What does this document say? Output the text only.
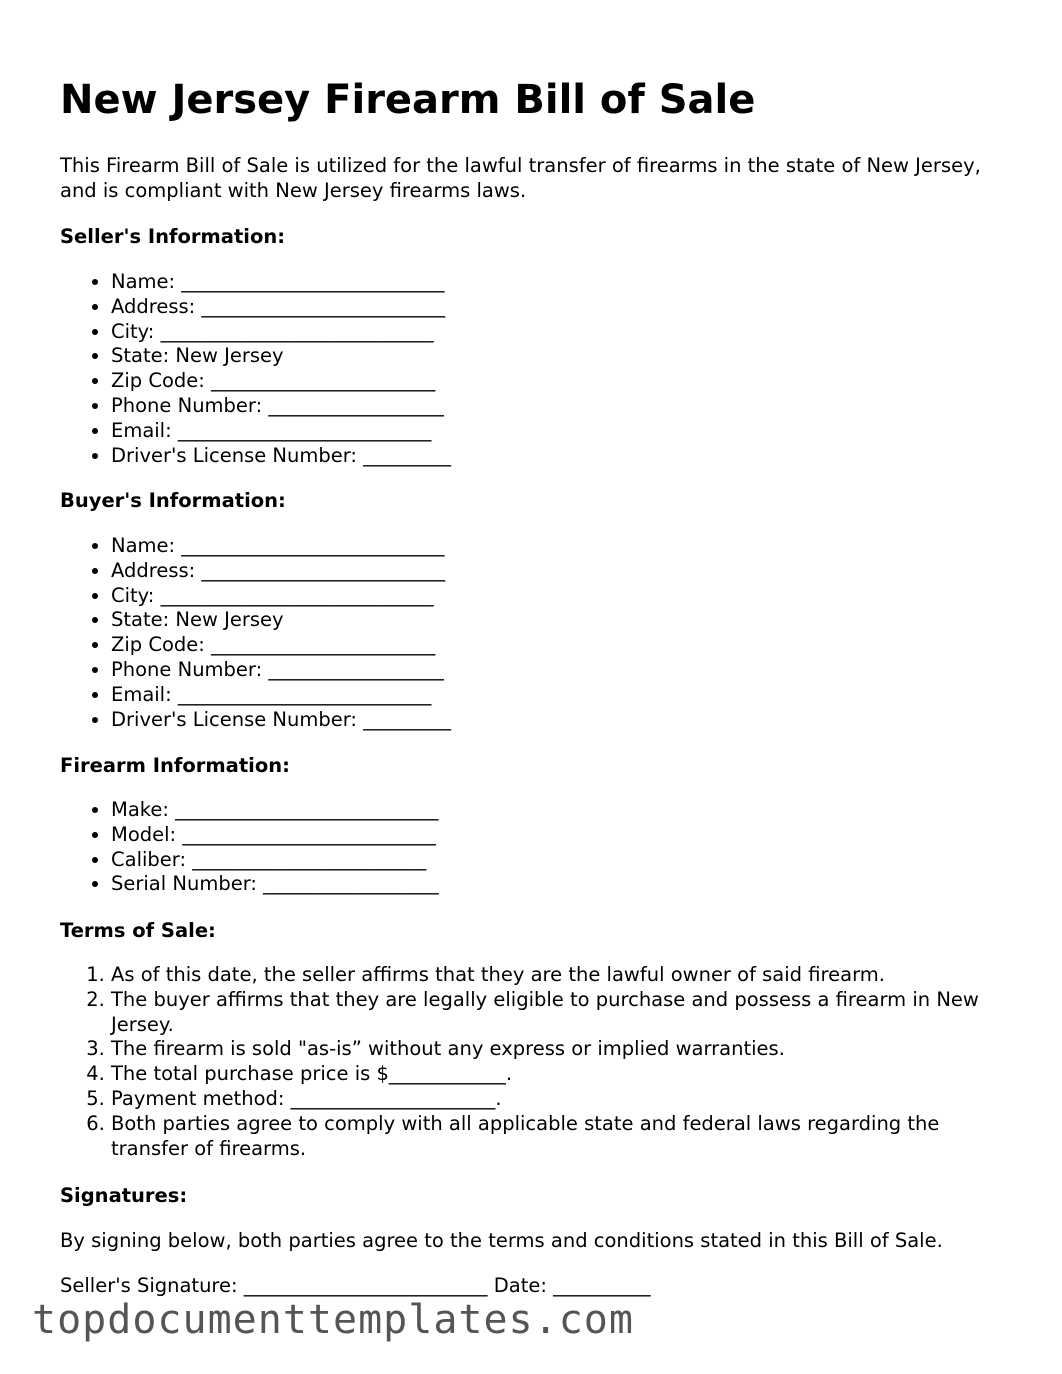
New Jersey Firearm Bill of Sale

This Firearm Bill of Sale is utilized for the lawful transfer of firearms in the state of New Jersey, and is compliant with New Jersey firearms laws.

Seller's Information:

• Name: ___________________________
• Address: _________________________
• City: ____________________________
• State: New Jersey
• Zip Code: _______________________
• Phone Number: __________________
• Email: __________________________
• Driver's License Number: _________

Buyer's Information:

• Name: ___________________________
• Address: _________________________
• City: ____________________________
• State: New Jersey
• Zip Code: _______________________
• Phone Number: __________________
• Email: __________________________
• Driver's License Number: _________

Firearm Information:

• Make: ___________________________
• Model: __________________________
• Caliber: ________________________
• Serial Number: __________________

Terms of Sale:

1. As of this date, the seller affirms that they are the lawful owner of said firearm.
2. The buyer affirms that they are legally eligible to purchase and possess a firearm in New Jersey.
3. The firearm is sold "as-is” without any express or implied warranties.
4. The total purchase price is $____________.
5. Payment method: _____________________.
6. Both parties agree to comply with all applicable state and federal laws regarding the transfer of firearms.

Signatures:

By signing below, both parties agree to the terms and conditions stated in this Bill of Sale.

Seller's Signature: _________________________ Date: __________

topdocumenttemplates.com
